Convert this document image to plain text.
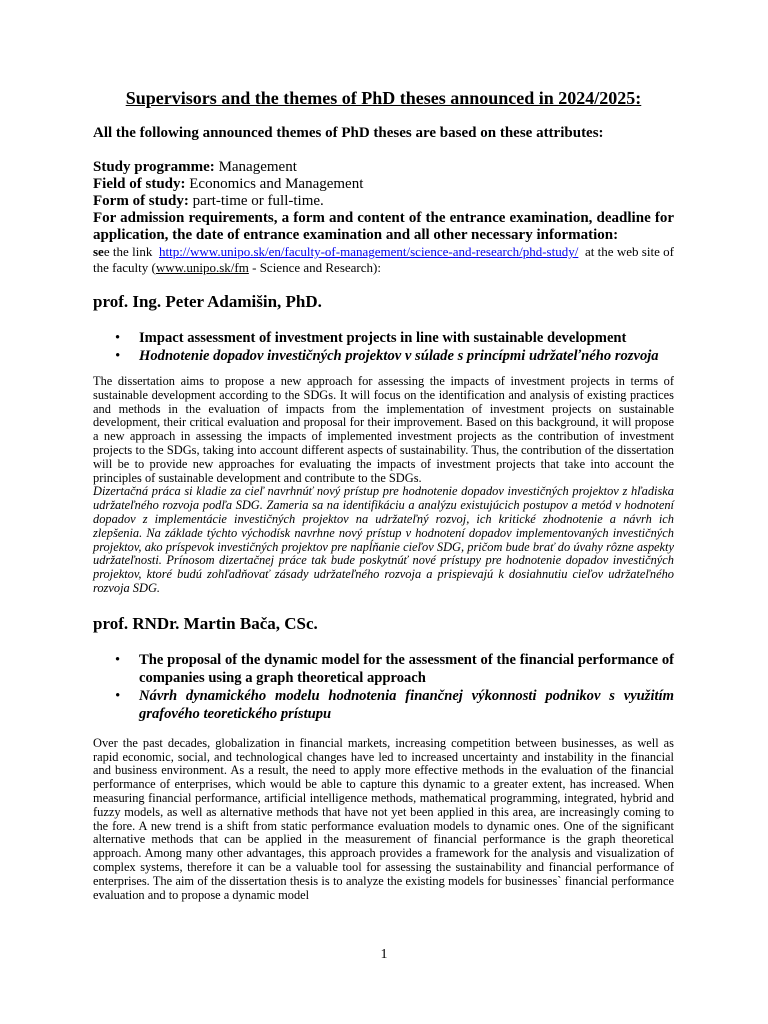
Supervisors and the themes of PhD theses announced in 2024/2025:
All the following announced themes of PhD theses are based on these attributes:
Study programme: Management
Field of study: Economics and Management
Form of study: part-time or full-time.
For admission requirements, a form and content of the entrance examination, deadline for application, the date of entrance examination and all other necessary information:
see the link http://www.unipo.sk/en/faculty-of-management/science-and-research/phd-study/ at the web site of the faculty (www.unipo.sk/fm - Science and Research):
prof. Ing. Peter Adamišin, PhD.
• Impact assessment of investment projects in line with sustainable development
• Hodnotenie dopadov investičných projektov v súlade s princípmi udržateľného rozvoja

The dissertation aims to propose a new approach for assessing the impacts of investment projects in terms of sustainable development according to the SDGs. It will focus on the identification and analysis of existing practices and methods in the evaluation of impacts from the implementation of investment projects on sustainable development, their critical evaluation and proposal for their improvement. Based on this background, it will propose a new approach in assessing the impacts of implemented investment projects as the contribution of investment projects to the SDGs, taking into account different aspects of sustainability. Thus, the contribution of the dissertation will be to provide new approaches for evaluating the impacts of investment projects that take into account the principles of sustainable development and contribute to the SDGs.

Dizertačná práca si kladie za cieľ navrhnúť nový prístup pre hodnotenie dopadov investičných projektov z hľadiska udržateľného rozvoja podľa SDG. Zameria sa na identifikáciu a analýzu existujúcich postupov a metód v hodnotení dopadov z implementácie investičných projektov na udržateľný rozvoj, ich kritické zhodnotenie a návrh ich zlepšenia. Na základe týchto východísk navrhne nový prístup v hodnotení dopadov implementovaných investičných projektov, ako príspevok investičných projektov pre napĺňanie cieľov SDG, pričom bude brať do úvahy rôzne aspekty udržateľnosti. Prínosom dizertačnej práce tak bude poskytnúť nové prístupy pre hodnotenie dopadov investičných projektov, ktoré budú zohľadňovať zásady udržateľného rozvoja a prispievajú k dosiahnutiu cieľov udržateľného rozvoja SDG.

prof. RNDr. Martin Bača, CSc.
• The proposal of the dynamic model for the assessment of the financial performance of companies using a graph theoretical approach
• Návrh dynamického modelu hodnotenia finančnej výkonnosti podnikov s využitím grafového teoretického prístupu

Over the past decades, globalization in financial markets, increasing competition between businesses, as well as rapid economic, social, and technological changes have led to increased uncertainty and instability in the financial and business environment. As a result, the need to apply more effective methods in the evaluation of the financial performance of enterprises, which would be able to capture this dynamic to a greater extent, has increased. When measuring financial performance, artificial intelligence methods, mathematical programming, integrated, hybrid and fuzzy models, as well as alternative methods that have not yet been applied in this area, are increasingly coming to the fore. A new trend is a shift from static performance evaluation models to dynamic ones. One of the significant alternative methods that can be applied in the measurement of financial performance is the graph theoretical approach. Among many other advantages, this approach provides a framework for the analysis and visualization of complex systems, therefore it can be a valuable tool for assessing the sustainability and financial performance of enterprises. The aim of the dissertation thesis is to analyze the existing models for businesses` financial performance evaluation and to propose a dynamic model

1
